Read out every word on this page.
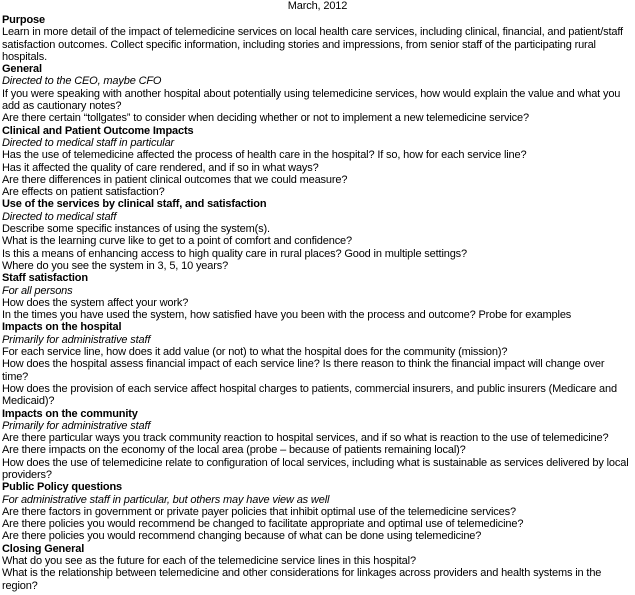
March, 2012
Purpose
Learn in more detail of the impact of telemedicine services on local health care services, including clinical, financial, and patient/staff satisfaction outcomes. Collect specific information, including stories and impressions, from senior staff of the participating rural hospitals.
General
Directed to the CEO, maybe CFO
If you were speaking with another hospital about potentially using telemedicine services, how would explain the value and what you add as cautionary notes?
Are there certain “tollgates” to consider when deciding whether or not to implement a new telemedicine service?
Clinical and Patient Outcome Impacts
Directed to medical staff in particular
Has the use of telemedicine affected the process of health care in the hospital? If so, how for each service line?
Has it affected the quality of care rendered, and if so in what ways?
Are there differences in patient clinical outcomes that we could measure?
Are effects on patient satisfaction?
Use of the services by clinical staff, and satisfaction
Directed to medical staff
Describe some specific instances of using the system(s).
What is the learning curve like to get to a point of comfort and confidence?
Is this a means of enhancing access to high quality care in rural places? Good in multiple settings?
Where do you see the system in 3, 5, 10 years?
Staff satisfaction
For all persons
How does the system affect your work?
In the times you have used the system, how satisfied have you been with the process and outcome? Probe for examples
Impacts on the hospital
Primarily for administrative staff
For each service line, how does it add value (or not) to what the hospital does for the community (mission)?
How does the hospital assess financial impact of each service line? Is there reason to think the financial impact will change over time?
How does the provision of each service affect hospital charges to patients, commercial insurers, and public insurers (Medicare and Medicaid)?
Impacts on the community
Primarily for administrative staff
Are there particular ways you track community reaction to hospital services, and if so what is reaction to the use of telemedicine?
Are there impacts on the economy of the local area (probe – because of patients remaining local)?
How does the use of telemedicine relate to configuration of local services, including what is sustainable as services delivered by local providers?
Public Policy questions
For administrative staff in particular, but others may have view as well
Are there factors in government or private payer policies that inhibit optimal use of the telemedicine services?
Are there policies you would recommend be changed to facilitate appropriate and optimal use of telemedicine?
Are there policies you would recommend changing because of what can be done using telemedicine?
Closing General
What do you see as the future for each of the telemedicine service lines in this hospital?
What is the relationship between telemedicine and other considerations for linkages across providers and health systems in the region?
